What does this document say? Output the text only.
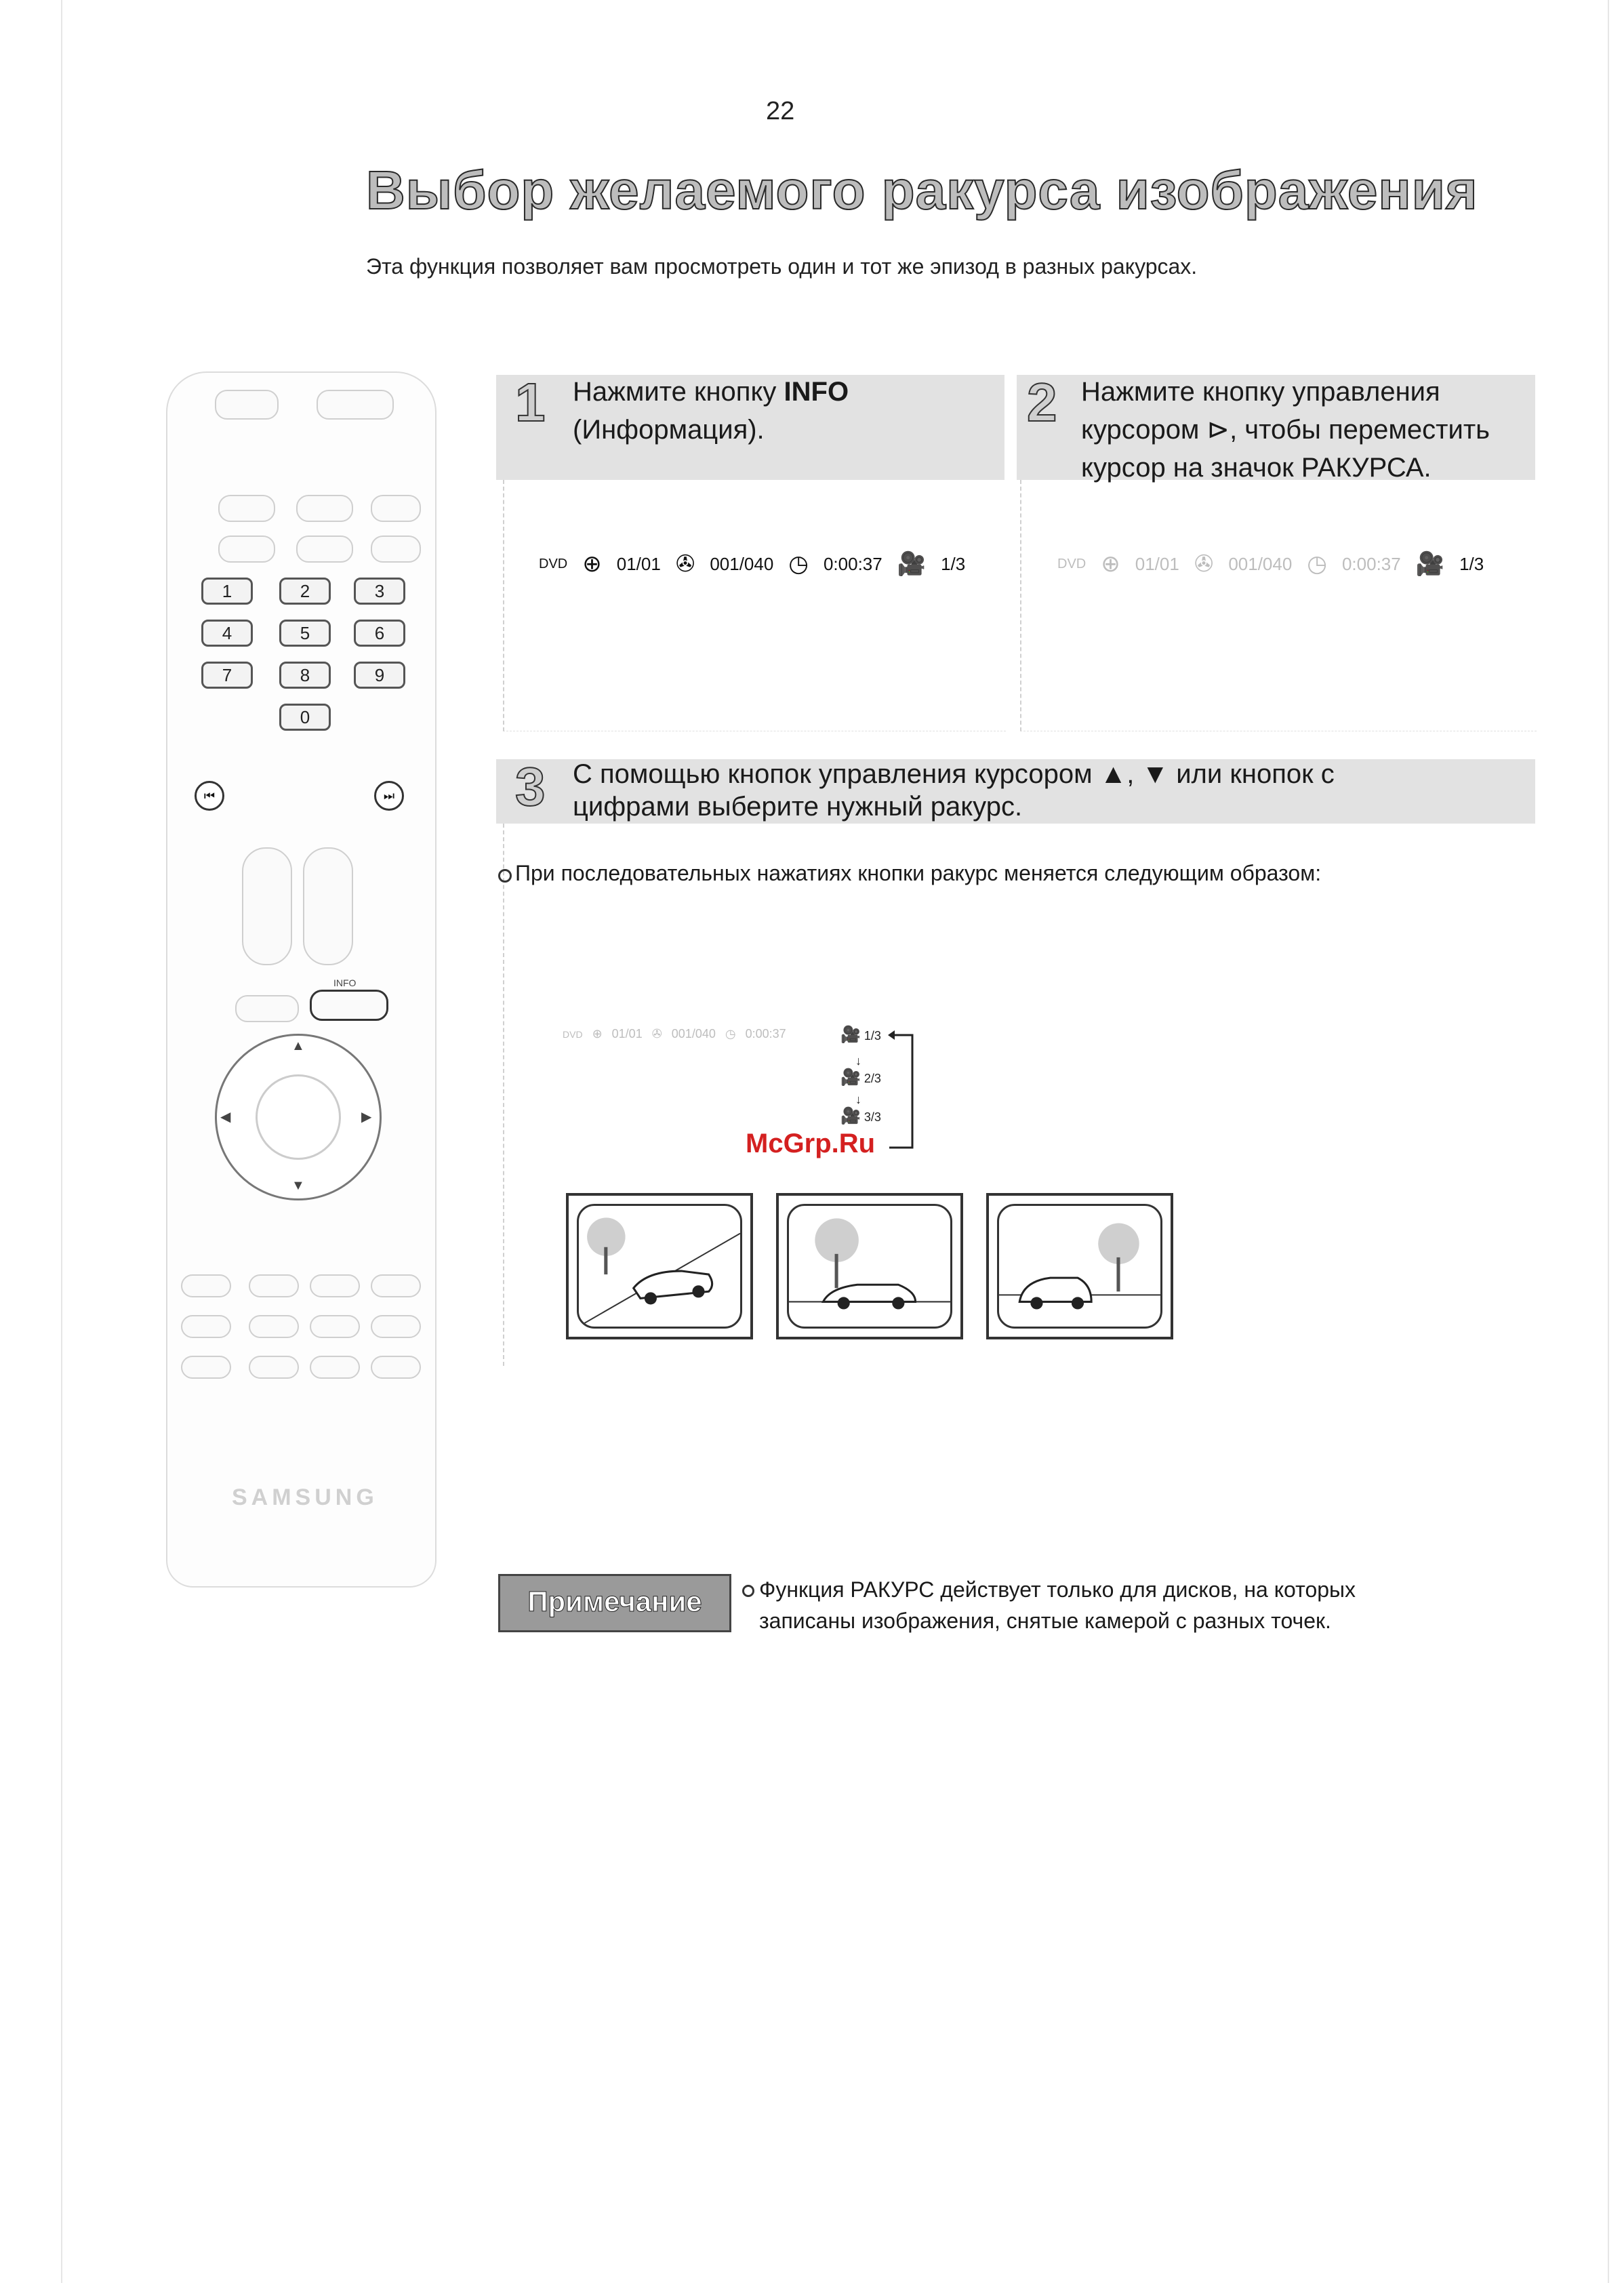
22
Выбор желаемого ракурса изображения
Эта функция позволяет вам просмотреть один и тот же эпизод в разных ракурсах.
1	2	3
4	5	6
7	8	9
0
⏮	⏭
INFO
▲
▼
◀	▶
SAMSUNG
1 Нажмите кнопку INFO
(Информация).
DVD ⊕ 01/01 ✇ 001/040 ◷ 0:00:37 🎥 1/3
2 Нажмите кнопку управления
курсором ⊳, чтобы переместить
курсор на значок РАКУРСА.
DVD ⊕ 01/01 ✇ 001/040 ◷ 0:00:37 🎥 1/3
3 С помощью кнопок управления курсором ▲, ▼ или кнопок с
цифрами выберите нужный ракурс.
При последовательных нажатиях кнопки ракурс меняется следующим образом:
DVD ⊕ 01/01 ✇ 001/040 ◷ 0:00:37	🎥 1/3
↓
🎥 2/3
↓
🎥 3/3
McGrp.Ru
Примечание	Функция РАКУРС действует только для дисков, на которых
записаны изображения, снятые камерой с разных точек.
